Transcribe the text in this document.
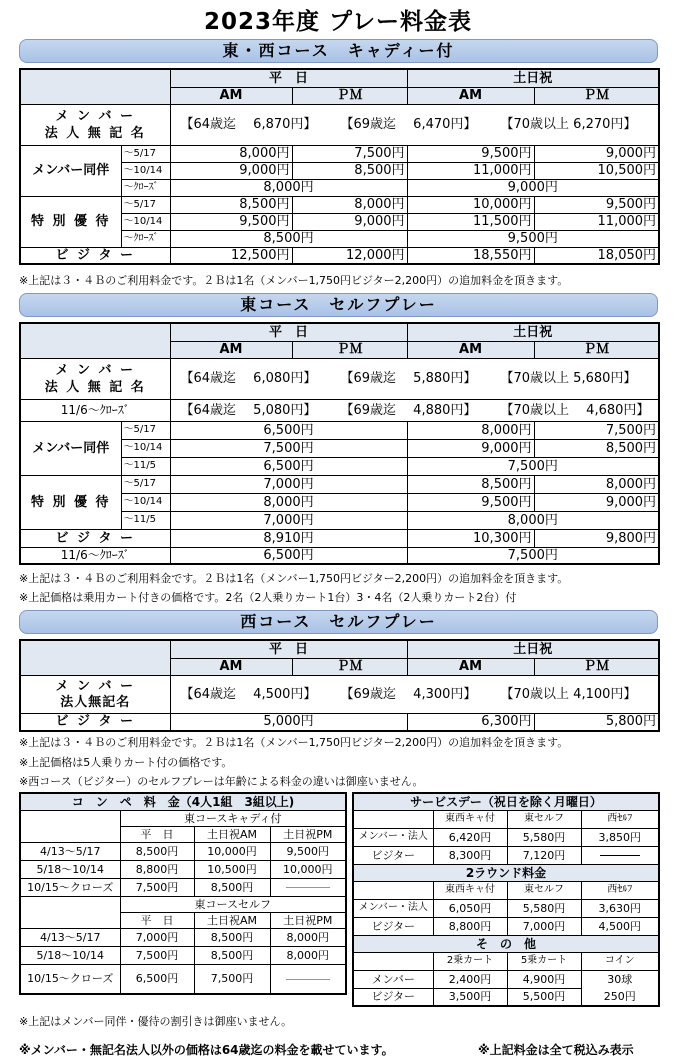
2023年度 プレー料金表
東・西コース　キャディー付
		平　日		土日祝	
		AM	ＰＭ	AM	ＰＭ

メ ン バ ー
法 人 無 記 名		【64歳迄　 6,870円】 【69歳迄　 6,470円】 【70歳以上 6,270円】			
メンバー同伴	～5/17	8,000円	7,500円	9,500円	9,000円
	～10/14	9,000円	8,500円	11,000円	10,500円
	～ｸﾛｰｽﾞ	8,000円		9,000円	
特 別 優 待	～5/17	8,500円	8,000円	10,000円	9,500円
	～10/14	9,500円	9,000円	11,500円	11,000円
	～ｸﾛｰｽﾞ	8,500円		9,500円	
ビ ジ タ ー		12,500円	12,000円	18,550円	18,050円
※上記は３・４Ｂのご利用料金です。２Ｂは1名（メンバー1,750円ビジター2,200円）の追加料金を頂きます。
東コース　セルフプレー
		平　日		土日祝	
		AM	ＰＭ	AM	ＰＭ

メ ン バ ー
法 人 無 記 名		【64歳迄　 6,080円】 【69歳迄　 5,880円】 【70歳以上 5,680円】			
11/6～ｸﾛｰｽﾞ		【64歳迄　 5,080円】 【69歳迄　 4,880円】 【70歳以上　 4,680円】			
メンバー同伴	～5/17	6,500円		8,000円	7,500円
	～10/14	7,500円		9,000円	8,500円
	～11/5	6,500円		7,500円	
特 別 優 待	～5/17	7,000円		8,500円	8,000円
	～10/14	8,000円		9,500円	9,000円
	～11/5	7,000円		8,000円	
ビ ジ タ ー		8,910円		10,300円	9,800円
11/6～ｸﾛｰｽﾞ		6,500円		7,500円	
※上記は３・４Ｂのご利用料金です。２Ｂは1名（メンバー1,750円ビジター2,200円）の追加料金を頂きます。
※上記価格は乗用カート付きの価格です。2名（2人乗りカート1台）3・4名（2人乗りカート2台）付
西コース　セルフプレー
	平　日		土日祝	
	AM	ＰＭ	AM	ＰＭ

メ ン バ ー
法人無記名	【64歳迄　 4,500円】 【69歳迄　 4,300円】 【70歳以上 4,100円】			
ビ ジ タ ー	5,000円		6,300円	5,800円
※上記は３・４Ｂのご利用料金です。２Ｂは1名（メンバー1,750円ビジター2,200円）の追加料金を頂きます。
※上記価格は5人乗りカート付の価格です。
※西コース（ビジター）のセルフプレーは年齢による料金の違いは御座いません。
コ　ン　ペ　料　金（4人1組　3組以上)			
	東コースキャディ付		
	平　日	土日祝AM	土日祝PM
4/13～5/17	8,500円	10,000円	9,500円
5/18～10/14	8,800円	10,500円	10,000円
10/15～クローズ	7,500円	8,500円	
	東コースセルフ		
	平　日	土日祝AM	土日祝PM
4/13～5/17	7,000円	8,500円	8,000円
5/18～10/14	7,500円	8,500円	8,000円
10/15～クローズ	6,500円	7,500円	
※上記はメンバー同伴・優待の割引きは御座いません。
サービスデー（祝日を除く月曜日）			
	東西キャ付	東セルフ	西ｾﾙﾌ
メンバー・法人	6,420円	5,580円	3,850円
ビジター	8,300円	7,120円	
2ラウンド料金			
	東西キャ付	東セルフ	西ｾﾙﾌ
メンバー・法人	6,050円	5,580円	3,630円
ビジター	8,800円	7,000円	4,500円
そ　の　他			
	2乗カート	5乗カート	コイン
メンバー	2,400円	4,900円	30球
250円

ビジター	3,500円	5,500円	
※メンバー・無記名法人以外の価格は64歳迄の料金を載せています。	※上記料金は全て税込み表示
